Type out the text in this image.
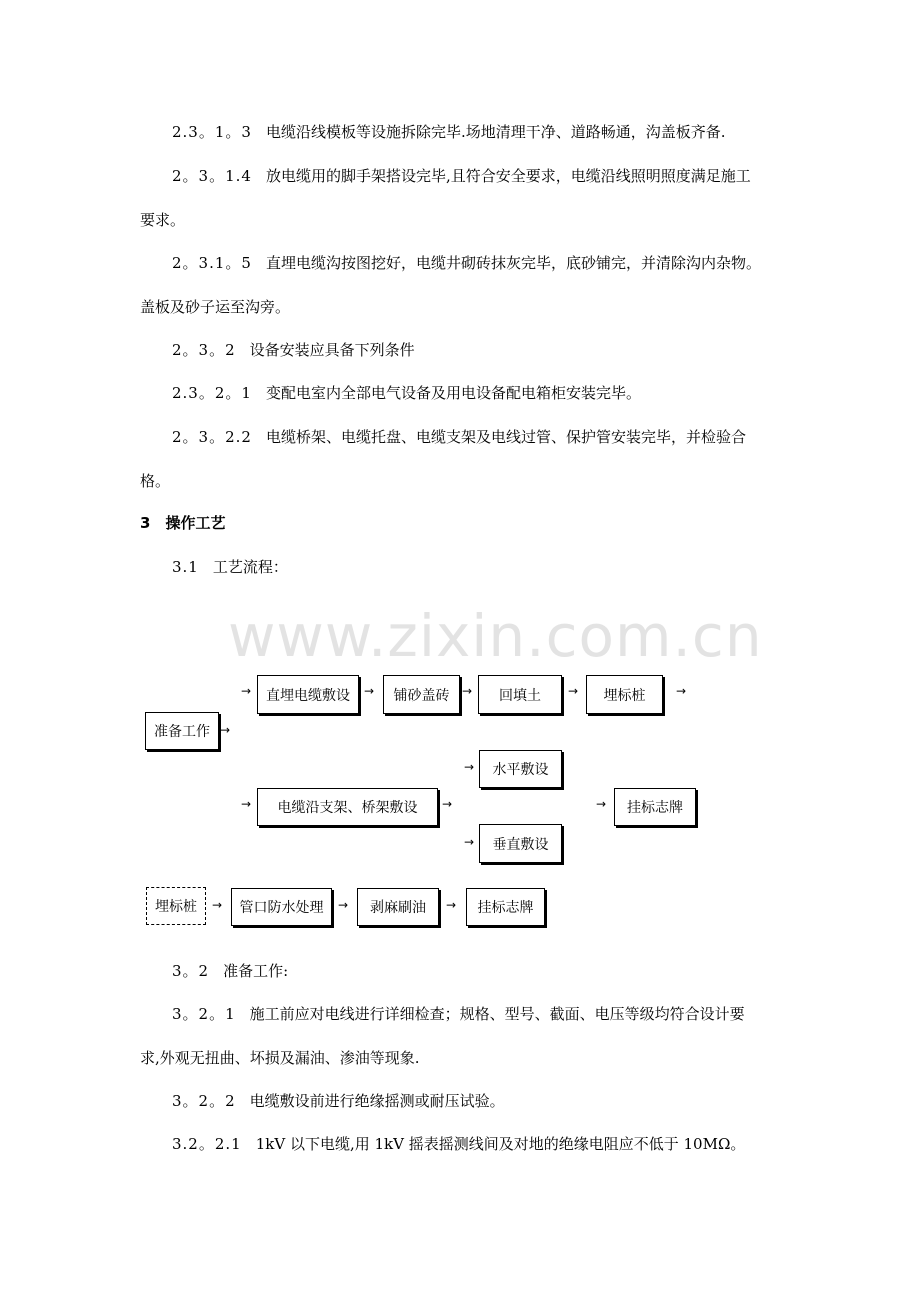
2.3。1。3 电缆沿线模板等设施拆除完毕.场地清理干净、道路畅通，沟盖板齐备.
2。3。1.4 放电缆用的脚手架搭设完毕,且符合安全要求，电缆沿线照明照度满足施工
要求。
2。3.1。5 直埋电缆沟按图挖好，电缆井砌砖抹灰完毕，底砂铺完，并清除沟内杂物。
盖板及砂子运至沟旁。
2。3。2 设备安装应具备下列条件
2.3。2。1 变配电室内全部电气设备及用电设备配电箱柜安装完毕。
2。3。2.2 电缆桥架、电缆托盘、电缆支架及电线过管、保护管安装完毕，并检验合
格。
3 操作工艺
3.1 工艺流程：
www.zixin.com.cn
准备工作 →
→	直埋电缆敷设	→	铺砂盖砖	→	回填土	→	埋标桩	→
→	水平敷设
→	电缆沿支架、桥架敷设	→	→	挂标志牌
→	垂直敷设
埋标桩	→	管口防水处理	→	剥麻刷油	→	挂标志牌
3。2 准备工作:
3。2。1 施工前应对电线进行详细检查；规格、型号、截面、电压等级均符合设计要
求,外观无扭曲、坏损及漏油、渗油等现象.
3。2。2 电缆敷设前进行绝缘摇测或耐压试验。
3.2。2.1 1kV 以下电缆,用 1kV 摇表摇测线间及对地的绝缘电阻应不低于 10MΩ。
